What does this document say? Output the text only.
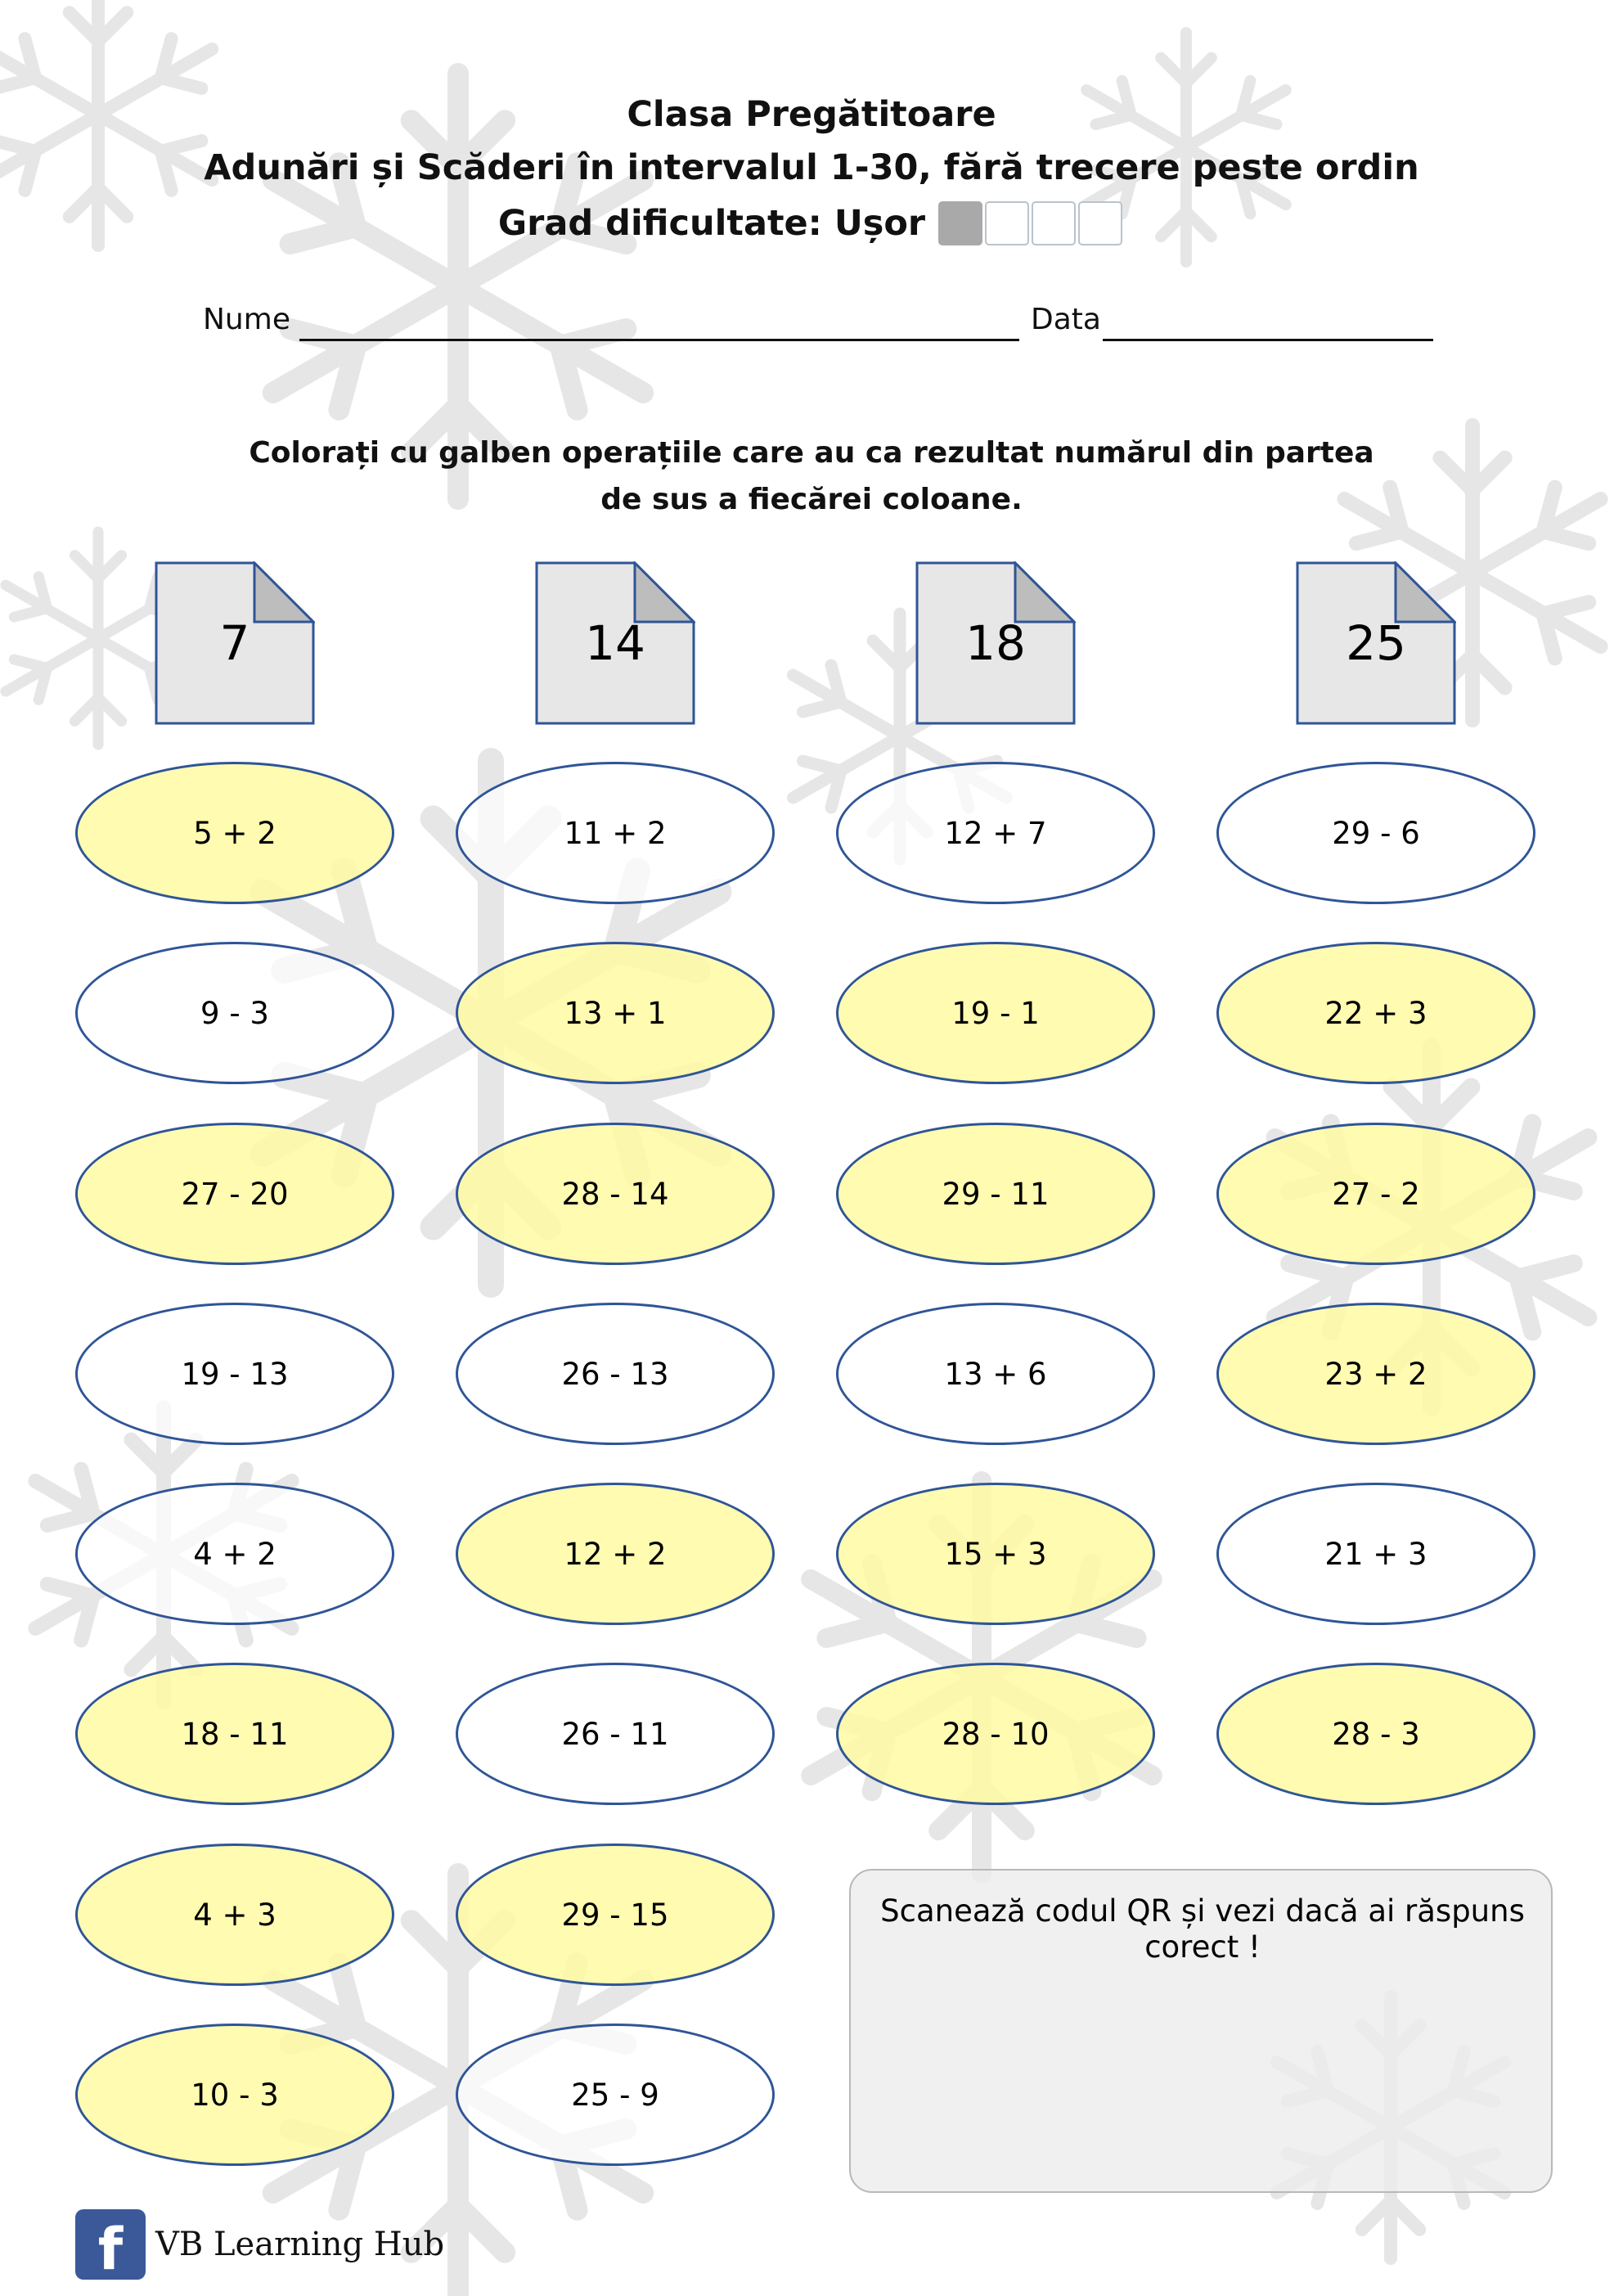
Clasa Pregătitoare
Adunări și Scăderi în intervalul 1-30, fără trecere peste ordin
Grad dificultate: Ușor
Nume	Data
Colorați cu galben operațiile care au ca rezultat numărul din partea
de sus a fiecărei coloane.
7
5 + 2
9 - 3
27 - 20
19 - 13
4 + 2
18 - 11
4 + 3
10 - 3
14
11 + 2
13 + 1
28 - 14
26 - 13
12 + 2
26 - 11
29 - 15
25 - 9
18
12 + 7
19 - 1
29 - 11
13 + 6
15 + 3
28 - 10
25
29 - 6
22 + 3
27 - 2
23 + 2
21 + 3
28 - 3
Scanează codul QR și vezi dacă ai răspuns corect !
f VB Learning Hub
